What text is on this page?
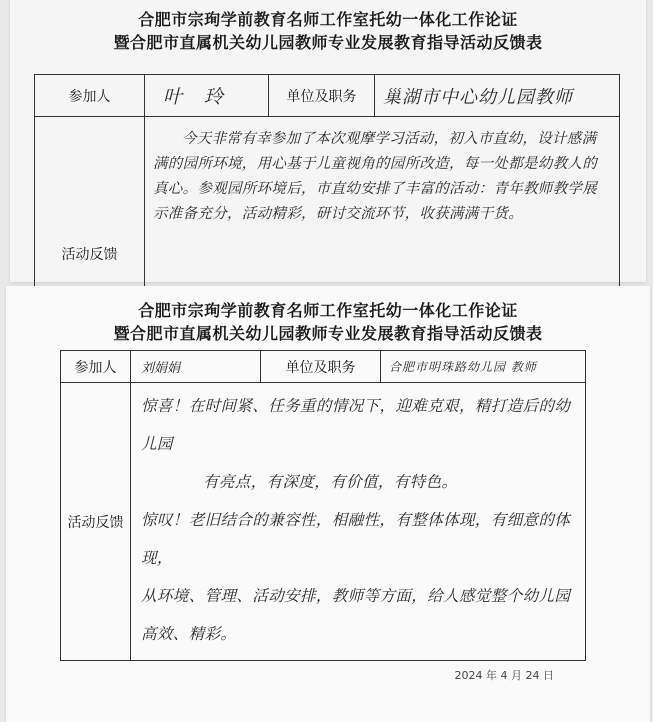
合肥市宗珣学前教育名师工作室托幼一体化工作论证
暨合肥市直属机关幼儿园教师专业发展教育指导活动反馈表
参加人	叶 玲	单位及职务	巢湖市中心幼儿园教师
活动反馈	今天非常有幸参加了本次观摩学习活动，初入市直幼，设计感满满的园所环境，用心基于儿童视角的园所改造，每一处都是幼教人的真心。参观园所环境后，市直幼安排了丰富的活动：青年教师教学展示准备充分，活动精彩，研讨交流环节，收获满满干货。		
合肥市宗珣学前教育名师工作室托幼一体化工作论证
暨合肥市直属机关幼儿园教师专业发展教育指导活动反馈表
参加人	刘娟娟	单位及职务	合肥市明珠路幼儿园 教师
活动反馈	惊喜！在时间紧、任务重的情况下，迎难克艰，精打造后的幼儿园

有亮点，有深度，有价值，有特色。

惊叹！老旧结合的兼容性，相融性，有整体体现，有细意的体现，

从环境、管理、活动安排，教师等方面，给人感觉整个幼儿园

高效、精彩。		

2024 年 4 月 24 日
